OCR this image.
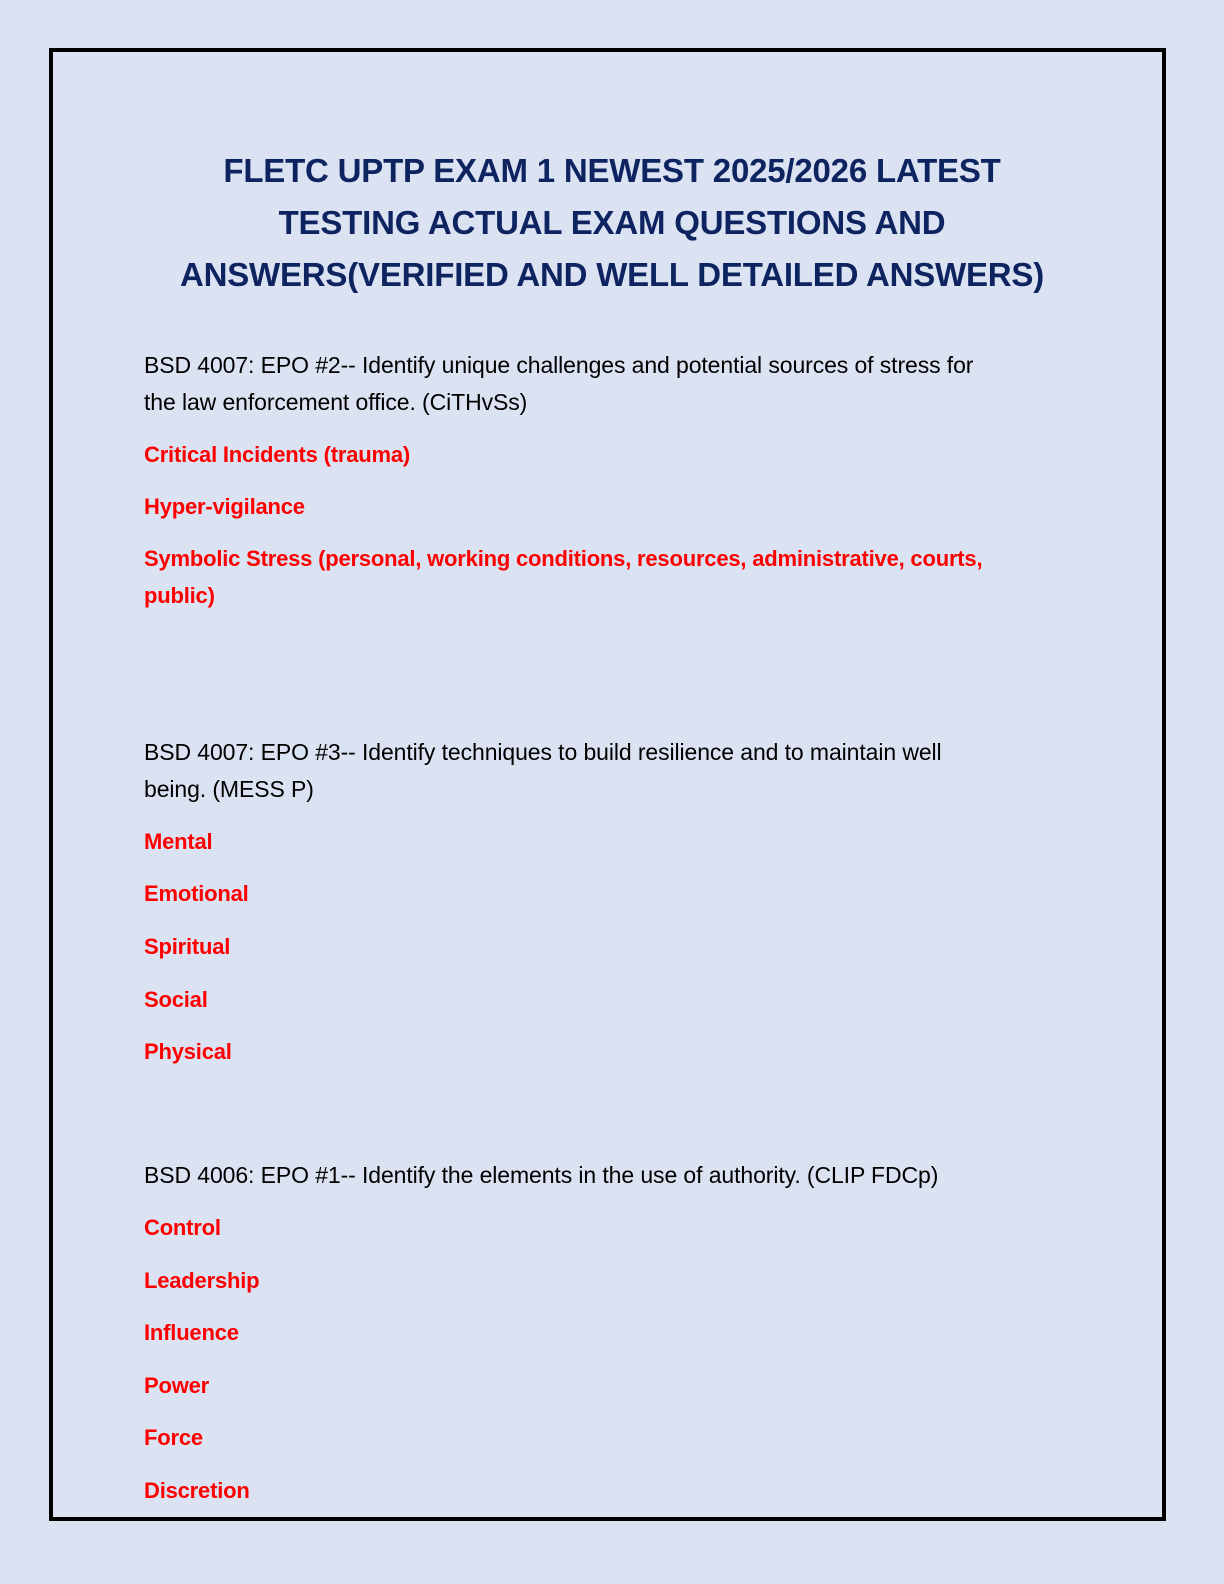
FLETC UPTP EXAM 1 NEWEST 2025/2026 LATEST
TESTING ACTUAL EXAM QUESTIONS AND
ANSWERS(VERIFIED AND WELL DETAILED ANSWERS)

BSD 4007: EPO #2-- Identify unique challenges and potential sources of stress for

the law enforcement office. (CiTHvSs)

Critical Incidents (trauma)

Hyper-vigilance

Symbolic Stress (personal, working conditions, resources, administrative, courts,

public)

BSD 4007: EPO #3-- Identify techniques to build resilience and to maintain well

being. (MESS P)

Mental

Emotional

Spiritual

Social

Physical

BSD 4006: EPO #1-- Identify the elements in the use of authority. (CLIP FDCp)

Control

Leadership

Influence

Power

Force

Discretion
